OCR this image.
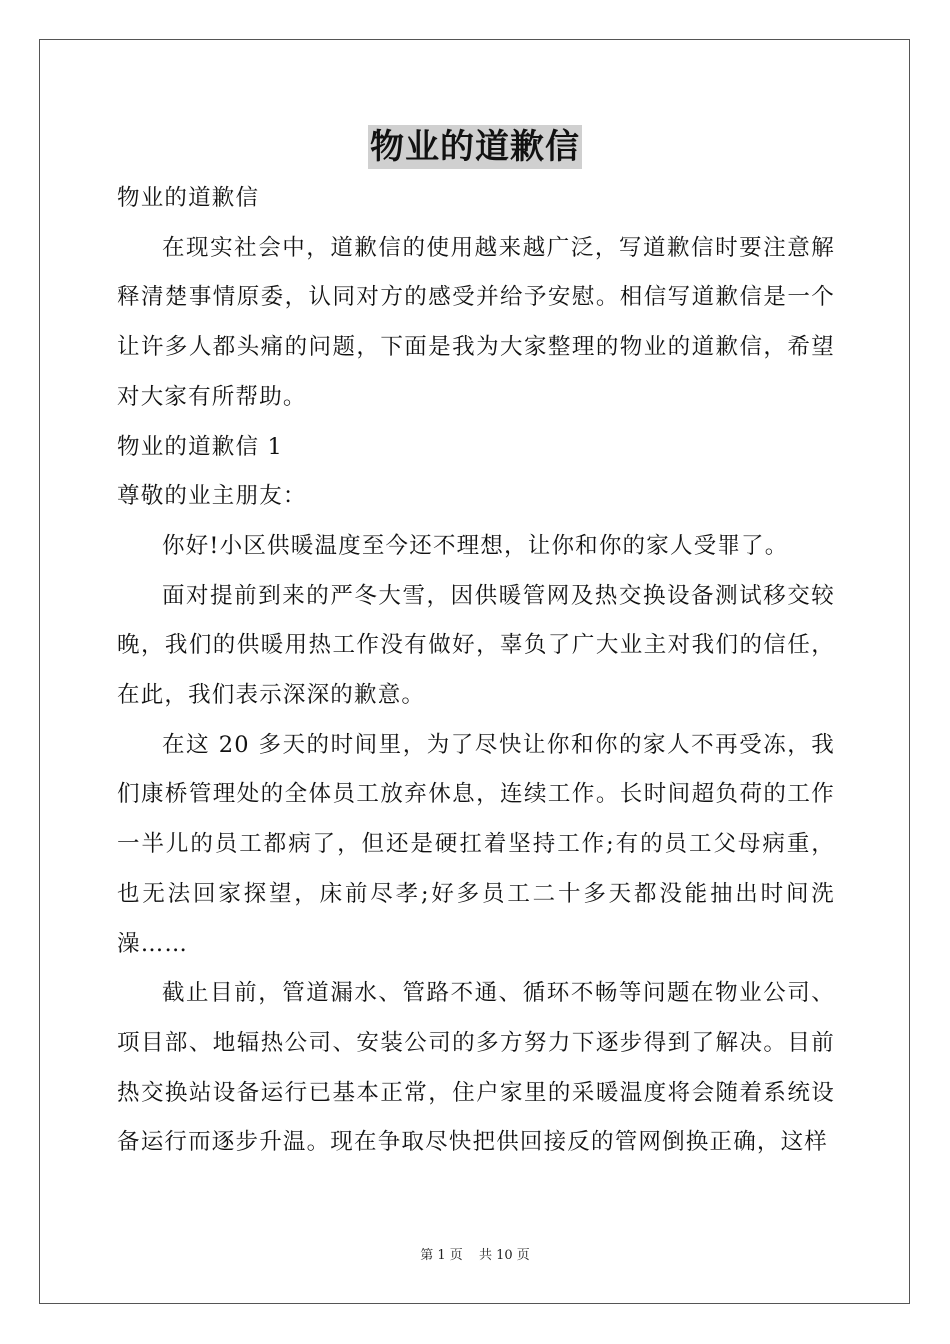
物业的道歉信

物业的道歉信

在现实社会中，道歉信的使用越来越广泛，写道歉信时要注意解释清楚事情原委，认同对方的感受并给予安慰。相信写道歉信是一个让许多人都头痛的问题，下面是我为大家整理的物业的道歉信，希望对大家有所帮助。

物业的道歉信 1

尊敬的业主朋友：

你好!小区供暖温度至今还不理想，让你和你的家人受罪了。

面对提前到来的严冬大雪，因供暖管网及热交换设备测试移交较晚，我们的供暖用热工作没有做好，辜负了广大业主对我们的信任，在此，我们表示深深的歉意。

在这 20 多天的时间里，为了尽快让你和你的家人不再受冻，我们康桥管理处的全体员工放弃休息，连续工作。长时间超负荷的工作一半儿的员工都病了，但还是硬扛着坚持工作;有的员工父母病重，也无法回家探望，床前尽孝;好多员工二十多天都没能抽出时间洗澡……

截止目前，管道漏水、管路不通、循环不畅等问题在物业公司、项目部、地辐热公司、安装公司的多方努力下逐步得到了解决。目前热交换站设备运行已基本正常，住户家里的采暖温度将会随着系统设备运行而逐步升温。现在争取尽快把供回接反的管网倒换正确，这样

第 1 页 共 10 页
